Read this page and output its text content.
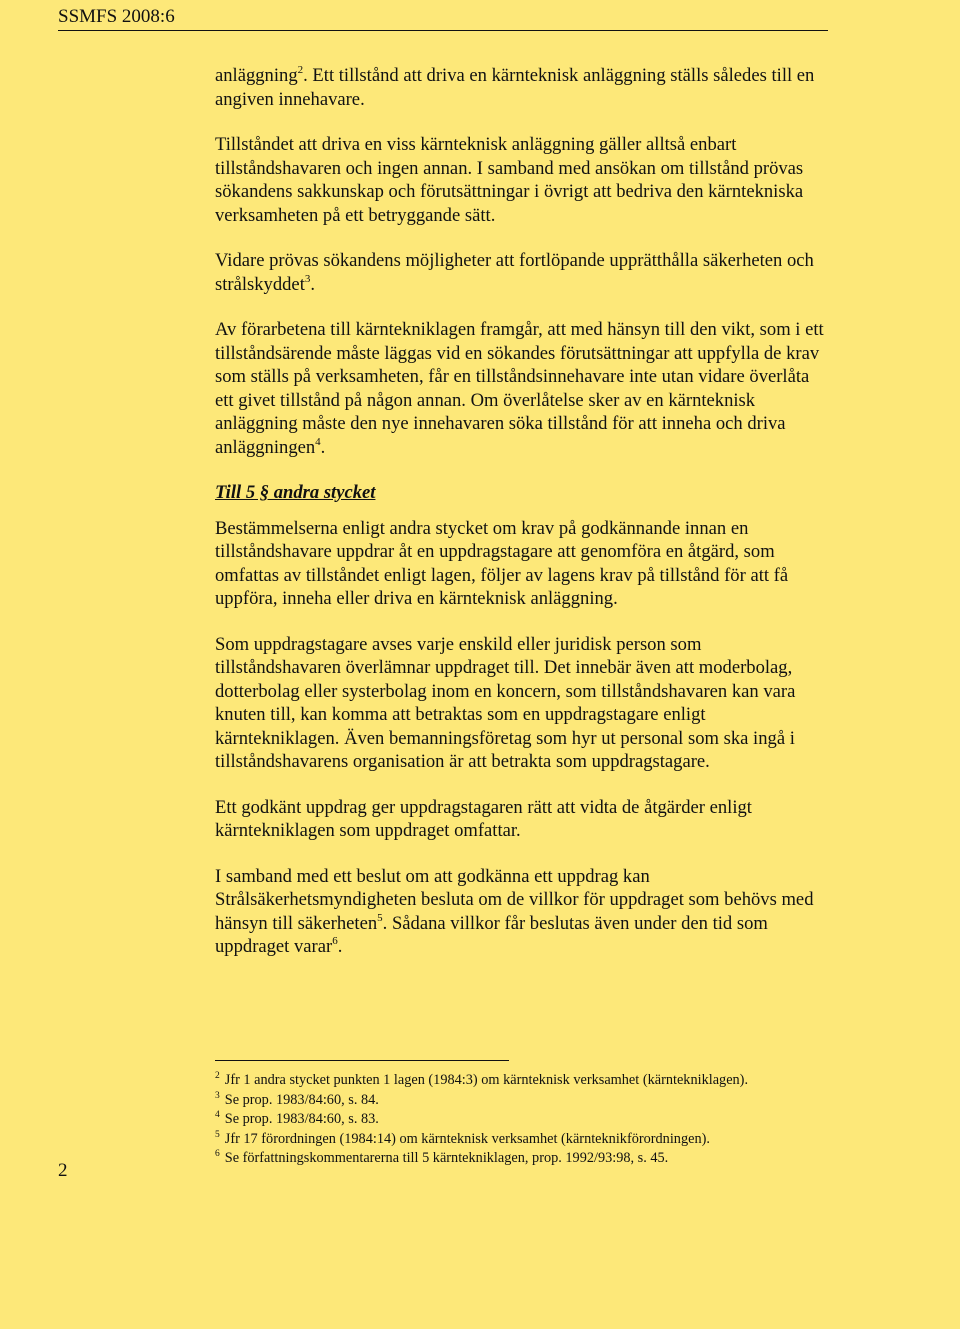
SSMFS 2008:6

anläggning$^2$. Ett tillstånd att driva en kärnteknisk anläggning ställs således till en angiven innehavare.

Tillståndet att driva en viss kärnteknisk anläggning gäller alltså enbart tillståndshavaren och ingen annan. I samband med ansökan om tillstånd prövas sökandens sakkunskap och förutsättningar i övrigt att bedriva den kärntekniska verksamheten på ett betryggande sätt.

Vidare prövas sökandens möjligheter att fortlöpande upprätthålla säkerheten och strålskyddet$^3$.

Av förarbetena till kärntekniklagen framgår, att med hänsyn till den vikt, som i ett tillståndsärende måste läggas vid en sökandes förutsättningar att uppfylla de krav som ställs på verksamheten, får en tillståndsinnehavare inte utan vidare överlåta ett givet tillstånd på någon annan. Om överlåtelse sker av en kärnteknisk anläggning måste den nye innehavaren söka tillstånd för att inneha och driva anläggningen$^4$.

Till 5 § andra stycket

Bestämmelserna enligt andra stycket om krav på godkännande innan en tillståndshavare uppdrar åt en uppdragstagare att genomföra en åtgärd, som omfattas av tillståndet enligt lagen, följer av lagens krav på tillstånd för att få uppföra, inneha eller driva en kärnteknisk anläggning.

Som uppdragstagare avses varje enskild eller juridisk person som tillståndshavaren överlämnar uppdraget till. Det innebär även att moderbolag, dotterbolag eller systerbolag inom en koncern, som tillståndshavaren kan vara knuten till, kan komma att betraktas som en uppdragstagare enligt kärntekniklagen. Även bemanningsföretag som hyr ut personal som ska ingå i tillståndshavarens organisation är att betrakta som uppdragstagare.

Ett godkänt uppdrag ger uppdragstagaren rätt att vidta de åtgärder enligt kärntekniklagen som uppdraget omfattar.

I samband med ett beslut om att godkänna ett uppdrag kan Strålsäkerhetsmyndigheten besluta om de villkor för uppdraget som behövs med hänsyn till säkerheten$^5$. Sådana villkor får beslutas även under den tid som uppdraget varar$^6$.

$^2$ Jfr 1 andra stycket punkten 1 lagen (1984:3) om kärnteknisk verksamhet (kärntekniklagen).

$^3$ Se prop. 1983/84:60, s. 84.

$^4$ Se prop. 1983/84:60, s. 83.

$^5$ Jfr 17 förordningen (1984:14) om kärnteknisk verksamhet (kärnteknikförordningen).

$^6$ Se författningskommentarerna till 5 kärntekniklagen, prop. 1992/93:98, s. 45.

2
